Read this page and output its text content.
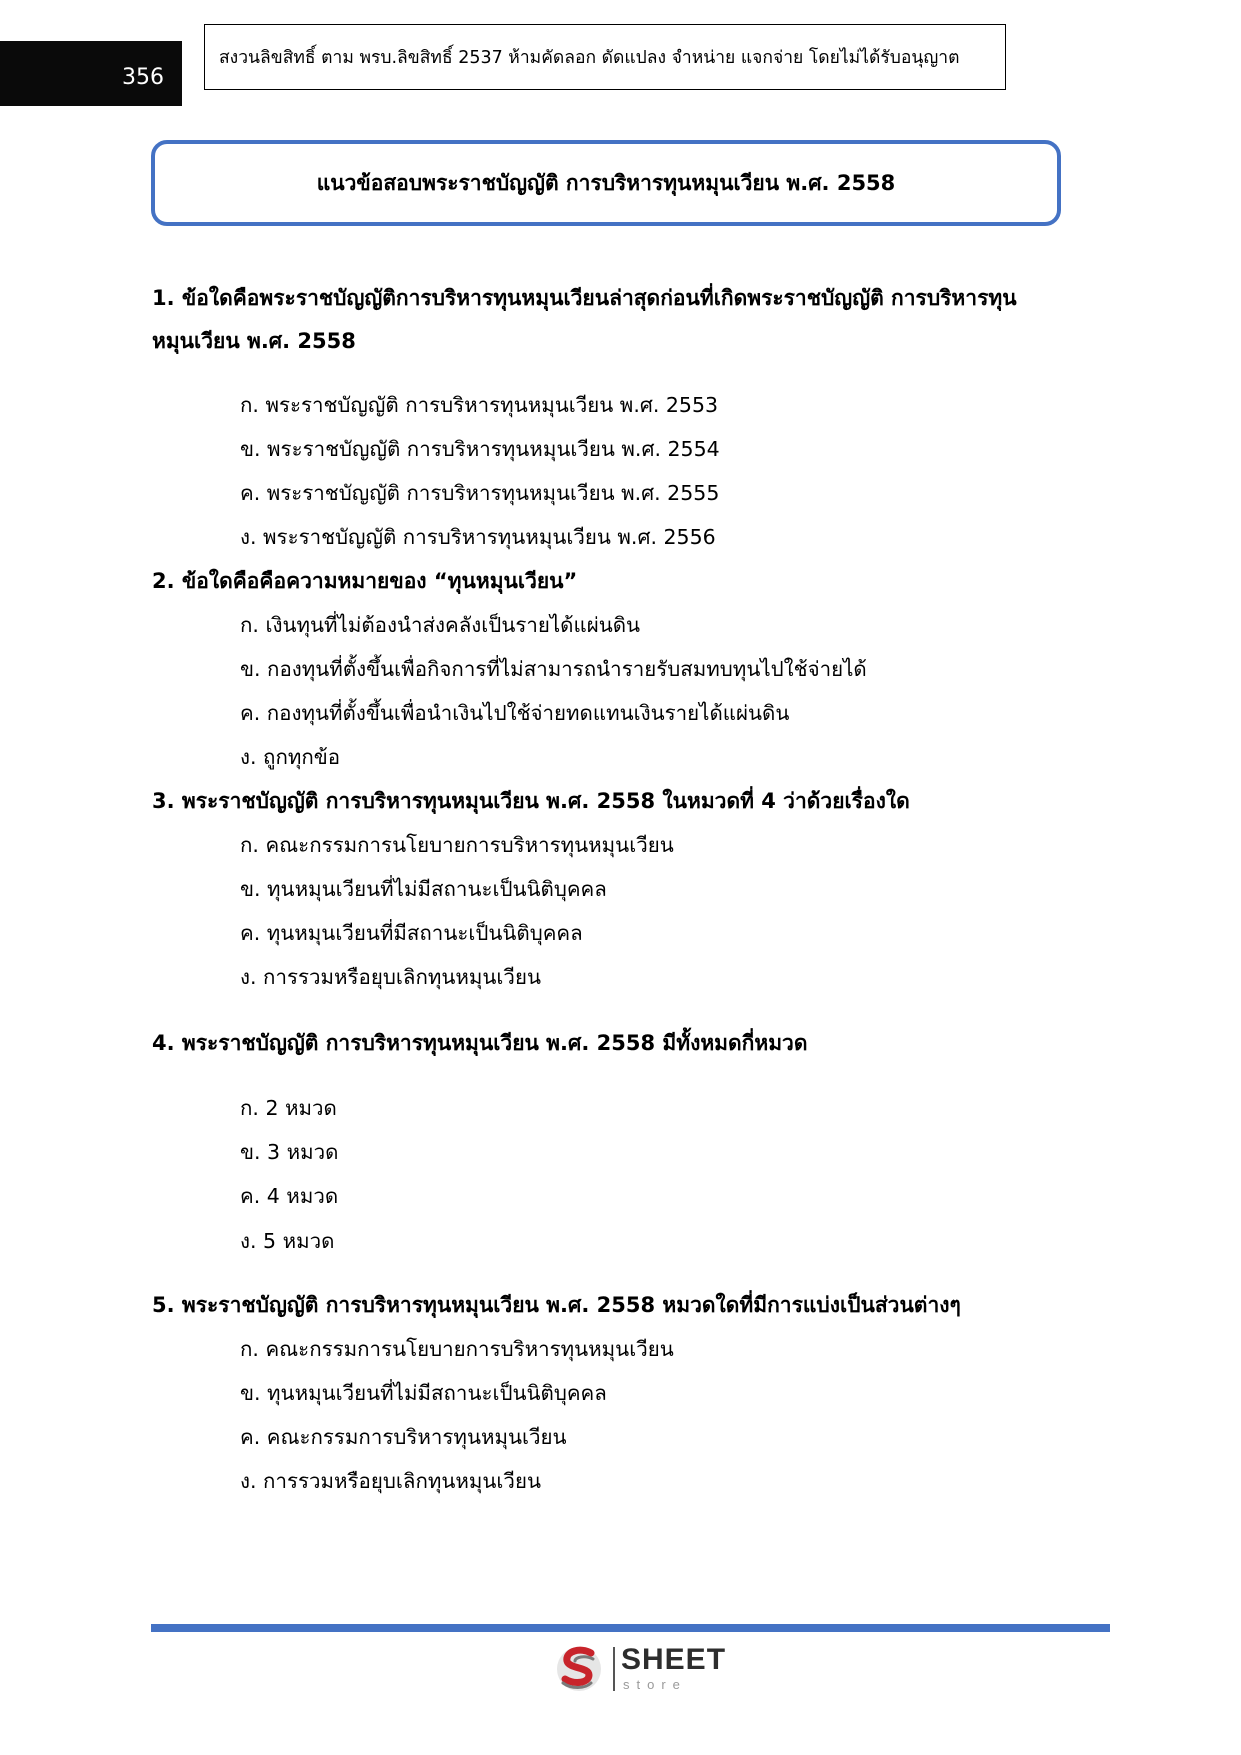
356
สงวนลิขสิทธิ์ ตาม พรบ.ลิขสิทธิ์ 2537 ห้ามคัดลอก ดัดแปลง จำหน่าย แจกจ่าย โดยไม่ได้รับอนุญาต
แนวข้อสอบพระราชบัญญัติ การบริหารทุนหมุนเวียน พ.ศ. 2558
1. ข้อใดคือพระราชบัญญัติการบริหารทุนหมุนเวียนล่าสุดก่อนที่เกิดพระราชบัญญัติ การบริหารทุน
หมุนเวียน พ.ศ. 2558
ก. พระราชบัญญัติ การบริหารทุนหมุนเวียน พ.ศ. 2553
ข. พระราชบัญญัติ การบริหารทุนหมุนเวียน พ.ศ. 2554
ค. พระราชบัญญัติ การบริหารทุนหมุนเวียน พ.ศ. 2555
ง. พระราชบัญญัติ การบริหารทุนหมุนเวียน พ.ศ. 2556
2. ข้อใดคือคือความหมายของ “ทุนหมุนเวียน”
ก. เงินทุนที่ไม่ต้องนำส่งคลังเป็นรายได้แผ่นดิน
ข. กองทุนที่ตั้งขึ้นเพื่อกิจการที่ไม่สามารถนำรายรับสมทบทุนไปใช้จ่ายได้
ค. กองทุนที่ตั้งขึ้นเพื่อนำเงินไปใช้จ่ายทดแทนเงินรายได้แผ่นดิน
ง. ถูกทุกข้อ
3. พระราชบัญญัติ การบริหารทุนหมุนเวียน พ.ศ. 2558 ในหมวดที่ 4 ว่าด้วยเรื่องใด
ก. คณะกรรมการนโยบายการบริหารทุนหมุนเวียน
ข. ทุนหมุนเวียนที่ไม่มีสถานะเป็นนิติบุคคล
ค. ทุนหมุนเวียนที่มีสถานะเป็นนิติบุคคล
ง. การรวมหรือยุบเลิกทุนหมุนเวียน
4. พระราชบัญญัติ การบริหารทุนหมุนเวียน พ.ศ. 2558 มีทั้งหมดกี่หมวด
ก. 2 หมวด
ข. 3 หมวด
ค. 4 หมวด
ง. 5 หมวด
5. พระราชบัญญัติ การบริหารทุนหมุนเวียน พ.ศ. 2558 หมวดใดที่มีการแบ่งเป็นส่วนต่างๆ
ก. คณะกรรมการนโยบายการบริหารทุนหมุนเวียน
ข. ทุนหมุนเวียนที่ไม่มีสถานะเป็นนิติบุคคล
ค. คณะกรรมการบริหารทุนหมุนเวียน
ง. การรวมหรือยุบเลิกทุนหมุนเวียน
SHEET
store
